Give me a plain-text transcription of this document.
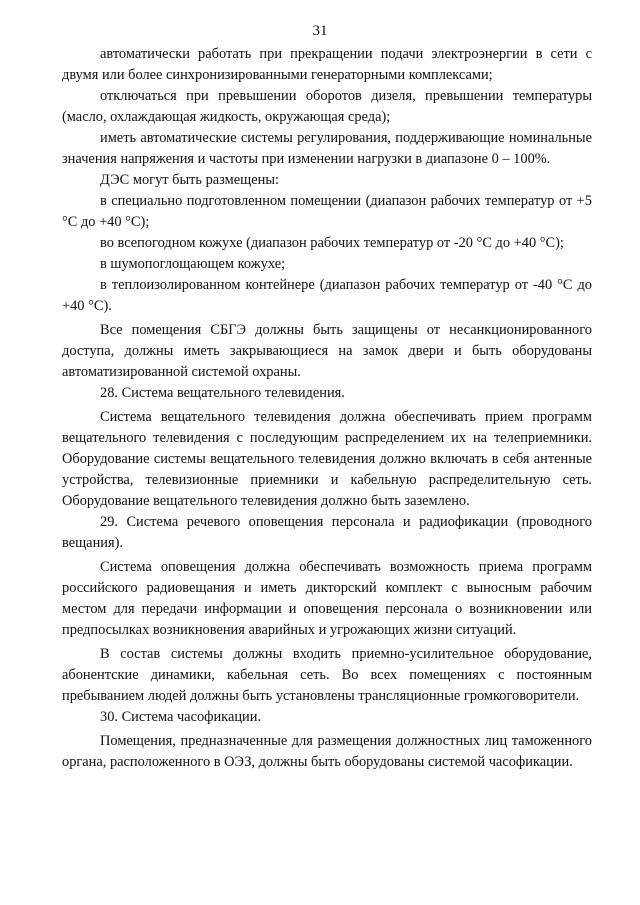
31

автоматически работать при прекращении подачи электроэнергии в сети с двумя или более синхронизированными генераторными комплексами;

отключаться при превышении оборотов дизеля, превышении температуры (масло, охлаждающая жидкость, окружающая среда);

иметь автоматические системы регулирования, поддерживающие номинальные значения напряжения и частоты при изменении нагрузки в диапазоне 0 – 100%.

ДЭС могут быть размещены:

в специально подготовленном помещении (диапазон рабочих температур от +5 °С до +40 °С);

во всепогодном кожухе (диапазон рабочих температур от -20 °С до +40 °С);

в шумопоглощающем кожухе;

в теплоизолированном контейнере (диапазон рабочих температур от -40 °С до +40 °С).

Все помещения СБГЭ должны быть защищены от несанкционированного доступа, должны иметь закрывающиеся на замок двери и быть оборудованы автоматизированной системой охраны.

28. Система вещательного телевидения.

Система вещательного телевидения должна обеспечивать прием программ вещательного телевидения с последующим распределением их на телеприемники. Оборудование системы вещательного телевидения должно включать в себя антенные устройства, телевизионные приемники и кабельную распределительную сеть. Оборудование вещательного телевидения должно быть заземлено.

29. Система речевого оповещения персонала и радиофикации (проводного вещания).

Система оповещения должна обеспечивать возможность приема программ российского радиовещания и иметь дикторский комплект с выносным рабочим местом для передачи информации и оповещения персонала о возникновении или предпосылках возникновения аварийных и угрожающих жизни ситуаций.

В состав системы должны входить приемно-усилительное оборудование, абонентские динамики, кабельная сеть. Во всех помещениях с постоянным пребыванием людей должны быть установлены трансляционные громкоговорители.

30. Система часофикации.

Помещения, предназначенные для размещения должностных лиц таможенного органа, расположенного в ОЭЗ, должны быть оборудованы системой часофикации.
